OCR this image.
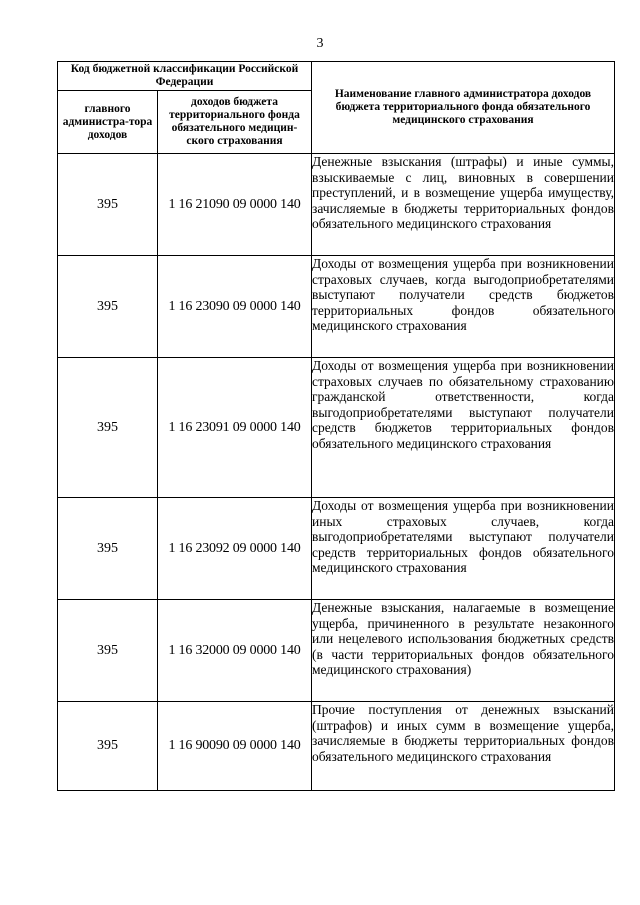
3
Код бюджетной классификации Российской Федерации		Наименование главного администратора доходов бюджета территориального фонда обязательного медицинского страхования
главного администра-тора доходов	доходов бюджета территориального фонда обязательного медицин-ского страхования	
395	1 16 21090 09 0000 140	Денежные взыскания (штрафы) и иные суммы, взыскиваемые с лиц, виновных в совершении преступлений, и в возмещение ущерба имуществу, зачисляемые в бюджеты территориальных фондов обязательного медицинского страхования
395	1 16 23090 09 0000 140	Доходы от возмещения ущерба при возникновении страховых случаев, когда выгодоприобретателями выступают получатели средств бюджетов территориальных фондов обязательного медицинского страхования
395	1 16 23091 09 0000 140	Доходы от возмещения ущерба при возникновении страховых случаев по обязательному страхованию гражданской ответственности, когда выгодоприобретателями выступают получатели средств бюджетов территориальных фондов обязательного медицинского страхования
395	1 16 23092 09 0000 140	Доходы от возмещения ущерба при возникновении иных страховых случаев, когда выгодоприобретателями выступают получатели средств территориальных фондов обязательного медицинского страхования
395	1 16 32000 09 0000 140	Денежные взыскания, налагаемые в возмещение ущерба, причиненного в результате незаконного или нецелевого использования бюджетных средств (в части территориальных фондов обязательного медицинского страхования)
395	1 16 90090 09 0000 140	Прочие поступления от денежных взысканий (штрафов) и иных сумм в возмещение ущерба, зачисляемые в бюджеты территориальных фондов обязательного медицинского страхования
